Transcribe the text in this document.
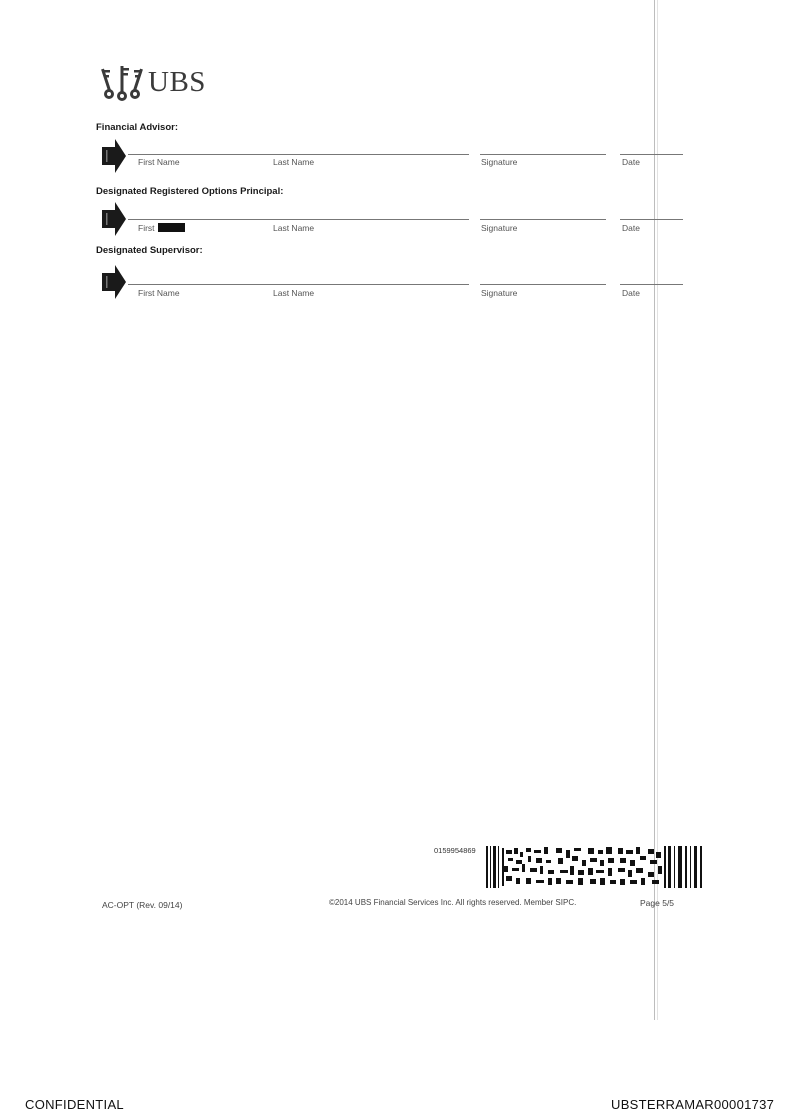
UBS
Financial Advisor:
First Name	Last Name	Signature	Date
Designated Registered Options Principal:
First	Last Name	Signature	Date
Designated Supervisor:
First Name	Last Name	Signature	Date
0159954869
AC-OPT (Rev. 09/14)	©2014 UBS Financial Services Inc. All rights reserved. Member SIPC.	Page 5/5
CONFIDENTIAL	UBSTERRAMAR00001737
